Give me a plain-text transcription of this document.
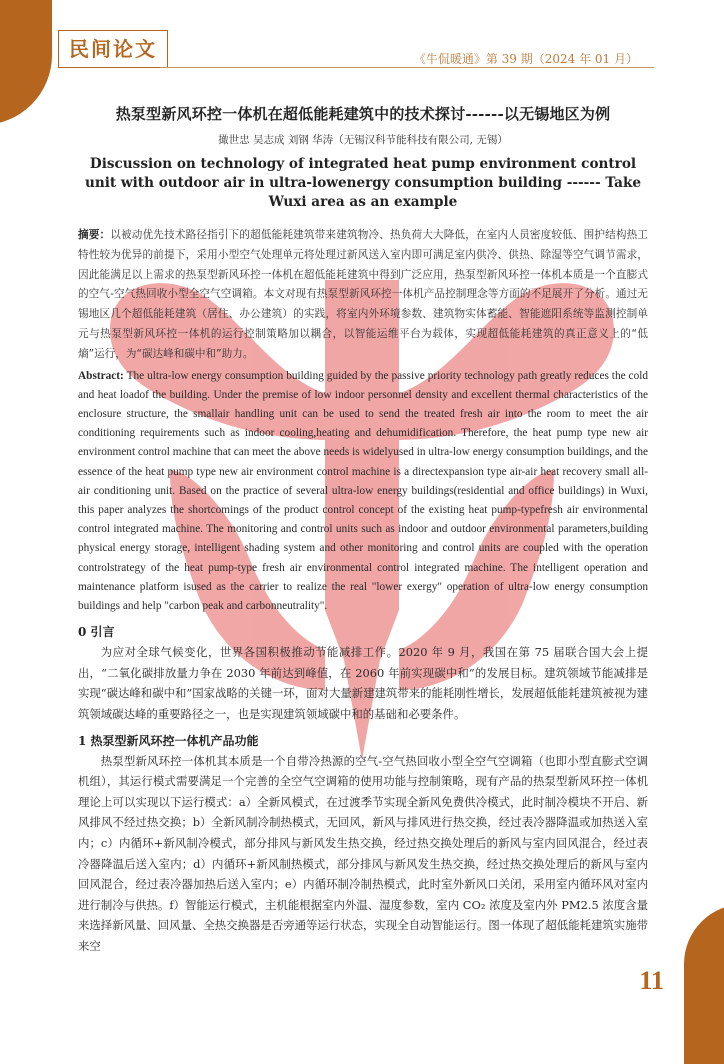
民间论文	《牛侃暖通》第 39 期（2024 年 01 月）
热泵型新风环控一体机在超低能耗建筑中的技术探讨------以无锡地区为例
撖世忠 吴志成 刘钢 华涛（无锡汉科节能科技有限公司, 无锡）
Discussion on technology of integrated heat pump environment control unit with outdoor air in ultra-lowenergy consumption building ------ Take Wuxi area as an example
摘要：以被动优先技术路径指引下的超低能耗建筑带来建筑物冷、热负荷大大降低，在室内人员密度较低、围护结构热工特性较为优异的前提下，采用小型空气处理单元将处理过新风送入室内即可满足室内供冷、供热、除湿等空气调节需求，因此能满足以上需求的热泵型新风环控一体机在超低能耗建筑中得到广泛应用，热泵型新风环控一体机本质是一个直膨式的空气-空气热回收小型全空气空调箱。本文对现有热泵型新风环控一体机产品控制理念等方面的不足展开了分析。通过无锡地区几个超低能耗建筑（居住、办公建筑）的实践，将室内外环境参数、建筑物实体蓄能、智能遮阳系统等监测控制单元与热泵型新风环控一体机的运行控制策略加以耦合，以智能运维平台为载体，实现超低能耗建筑的真正意义上的“低熵”运行，为“碳达峰和碳中和”助力。
Abstract: The ultra-low energy consumption building guided by the passive priority technology path greatly reduces the cold and heat loadof the building. Under the premise of low indoor personnel density and excellent thermal characteristics of the enclosure structure, the smallair handling unit can be used to send the treated fresh air into the room to meet the air conditioning requirements such as indoor cooling,heating and dehumidification. Therefore, the heat pump type new air environment control machine that can meet the above needs is widelyused in ultra-low energy consumption buildings, and the essence of the heat pump type new air environment control machine is a directexpansion type air-air heat recovery small all-air conditioning unit. Based on the practice of several ultra-low energy buildings(residential and office buildings) in Wuxi, this paper analyzes the shortcomings of the product control concept of the existing heat pump-typefresh air environmental control integrated machine. The monitoring and control units such as indoor and outdoor environmental parameters,building physical energy storage, intelligent shading system and other monitoring and control units are coupled with the operation controlstrategy of the heat pump-type fresh air environmental control integrated machine. The intelligent operation and maintenance platform isused as the carrier to realize the real "lower exergy" operation of ultra-low energy consumption buildings and help "carbon peak and carbonneutrality".
0 引言

为应对全球气候变化，世界各国积极推动节能减排工作。2020 年 9 月，我国在第 75 届联合国大会上提出，“二氧化碳排放量力争在 2030 年前达到峰值，在 2060 年前实现碳中和”的发展目标。建筑领域节能减排是实现“碳达峰和碳中和”国家战略的关键一环，面对大量新建建筑带来的能耗刚性增长，发展超低能耗建筑被视为建筑领域碳达峰的重要路径之一，也是实现建筑领域碳中和的基础和必要条件。

1 热泵型新风环控一体机产品功能

热泵型新风环控一体机其本质是一个自带冷热源的空气-空气热回收小型全空气空调箱（也即小型直膨式空调机组），其运行模式需要满足一个完善的全空气空调箱的使用功能与控制策略，现有产品的热泵型新风环控一体机理论上可以实现以下运行模式：a）全新风模式，在过渡季节实现全新风免费供冷模式，此时制冷模块不开启、新风排风不经过热交换；b）全新风制冷制热模式，无回风，新风与排风进行热交换，经过表冷器降温或加热送入室内；c）内循环+新风制冷模式，部分排风与新风发生热交换，经过热交换处理后的新风与室内回风混合，经过表冷器降温后送入室内；d）内循环+新风制热模式，部分排风与新风发生热交换，经过热交换处理后的新风与室内回风混合，经过表冷器加热后送入室内；e）内循环制冷制热模式，此时室外新风口关闭，采用室内循环风对室内进行制冷与供热。f）智能运行模式，主机能根据室内外温、湿度参数，室内 CO₂ 浓度及室内外 PM2.5 浓度含量来选择新风量、回风量、全热交换器是否旁通等运行状态，实现全自动智能运行。图一体现了超低能耗建筑实施带来空

11
